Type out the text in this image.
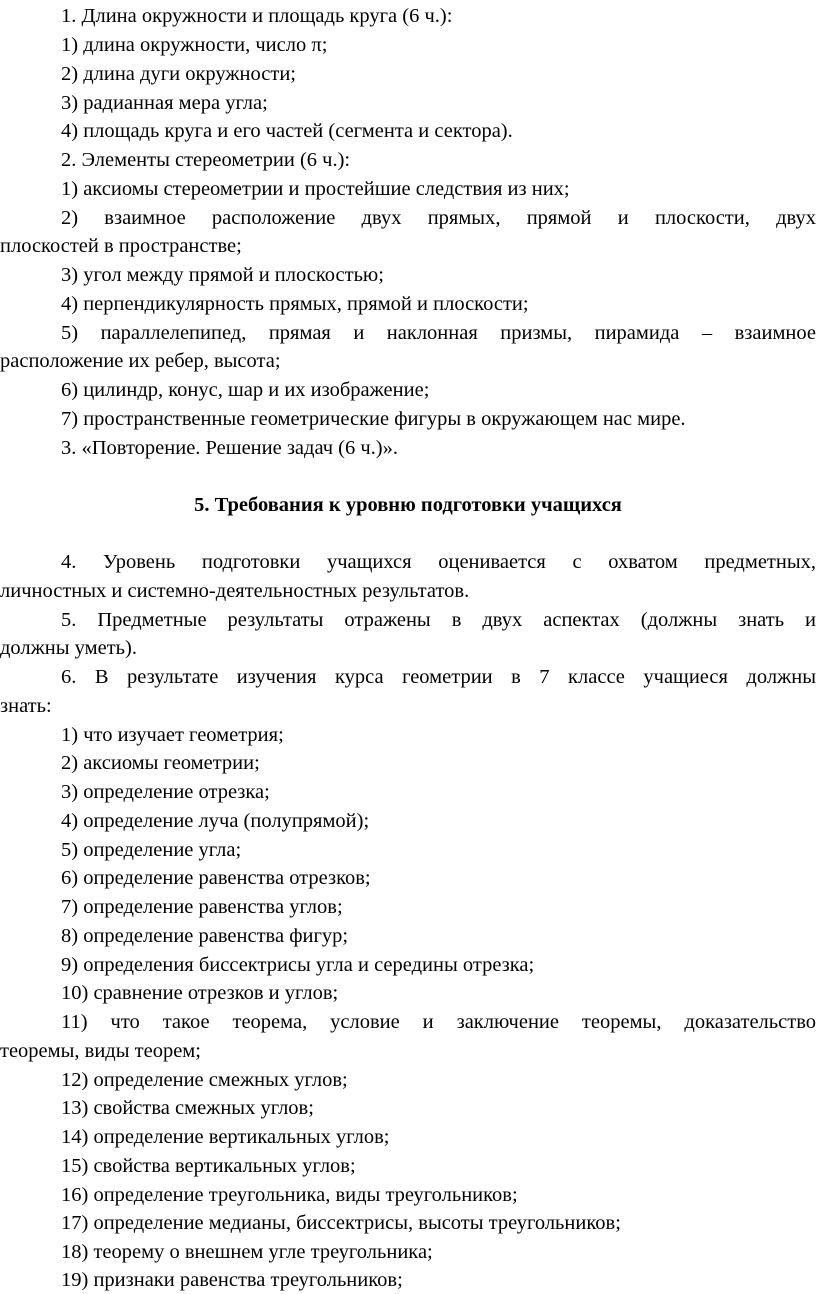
1. Длина окружности и площадь круга (6 ч.):
1) длина окружности, число π;
2) длина дуги окружности;
3) радианная мера угла;
4) площадь круга и его частей (сегмента и сектора).
2. Элементы стереометрии (6 ч.):
1) аксиомы стереометрии и простейшие следствия из них;
2) взаимное расположение двух прямых, прямой и плоскости, двух
плоскостей в пространстве;
3) угол между прямой и плоскостью;
4) перпендикулярность прямых, прямой и плоскости;
5) параллелепипед, прямая и наклонная призмы, пирамида – взаимное
расположение их ребер, высота;
6) цилиндр, конус, шар и их изображение;
7) пространственные геометрические фигуры в окружающем нас мире.
3. «Повторение. Решение задач (6 ч.)».
5. Требования к уровню подготовки учащихся
4. Уровень подготовки учащихся оценивается с охватом предметных,
личностных и системно-деятельностных результатов.
5. Предметные результаты отражены в двух аспектах (должны знать и
должны уметь).
6. В результате изучения курса геометрии в 7 классе учащиеся должны
знать:
1) что изучает геометрия;
2) аксиомы геометрии;
3) определение отрезка;
4) определение луча (полупрямой);
5) определение угла;
6) определение равенства отрезков;
7) определение равенства углов;
8) определение равенства фигур;
9) определения биссектрисы угла и середины отрезка;
10) сравнение отрезков и углов;
11) что такое теорема, условие и заключение теоремы, доказательство
теоремы, виды теорем;
12) определение смежных углов;
13) свойства смежных углов;
14) определение вертикальных углов;
15) свойства вертикальных углов;
16) определение треугольника, виды треугольников;
17) определение медианы, биссектрисы, высоты треугольников;
18) теорему о внешнем угле треугольника;
19) признаки равенства треугольников;
